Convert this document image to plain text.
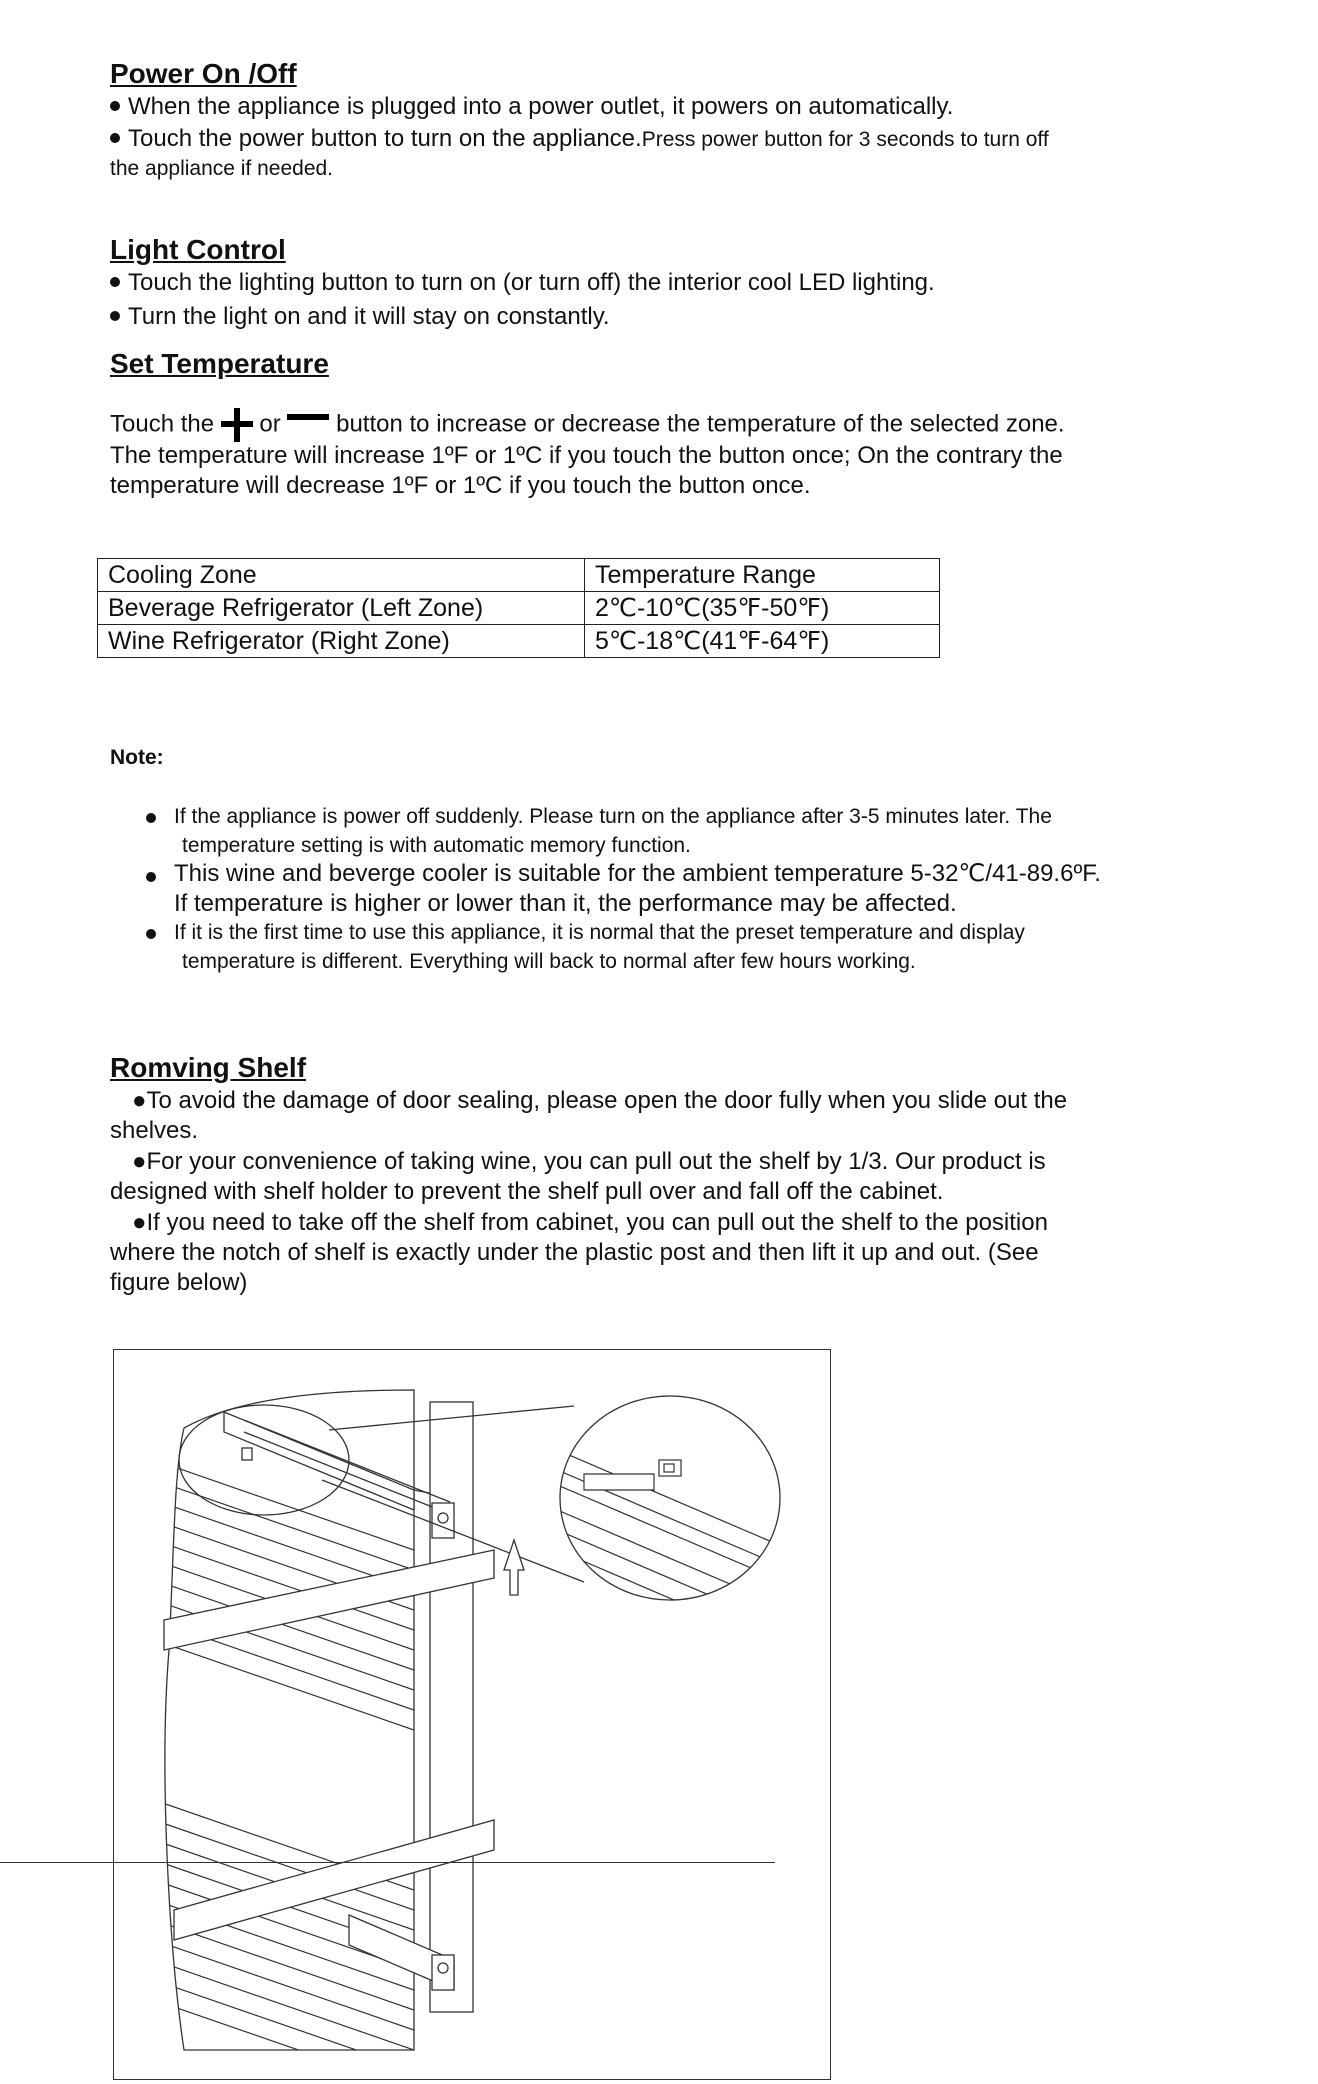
Power On /Off
When the appliance is plugged into a power outlet, it powers on automatically.
Touch the power button to turn on the appliance.Press power button for 3 seconds to turn off
the appliance if needed.
Light Control
Touch the lighting button to turn on (or turn off) the interior cool LED lighting.
Turn the light on and it will stay on constantly.
Set Temperature
Touch the or button to increase or decrease the temperature of the selected zone.
The temperature will increase 1ºF or 1ºC if you touch the button once; On the contrary the
temperature will decrease 1ºF or 1ºC if you touch the button once.
Cooling Zone	Temperature Range
Beverage Refrigerator (Left Zone)	2℃-10℃(35℉-50℉)
Wine Refrigerator (Right Zone)	5℃-18℃(41℉-64℉)
Note:
If the appliance is power off suddenly. Please turn on the appliance after 3-5 minutes later. The
temperature setting is with automatic memory function.
This wine and beverge cooler is suitable for the ambient temperature 5-32℃/41-89.6ºF.
If temperature is higher or lower than it, the performance may be affected.
If it is the first time to use this appliance, it is normal that the preset temperature and display
temperature is different. Everything will back to normal after few hours working.
Romving Shelf
●To avoid the damage of door sealing, please open the door fully when you slide out the
shelves.
●For your convenience of taking wine, you can pull out the shelf by 1/3. Our product is
designed with shelf holder to prevent the shelf pull over and fall off the cabinet.
●If you need to take off the shelf from cabinet, you can pull out the shelf to the position
where the notch of shelf is exactly under the plastic post and then lift it up and out. (See
figure below)
